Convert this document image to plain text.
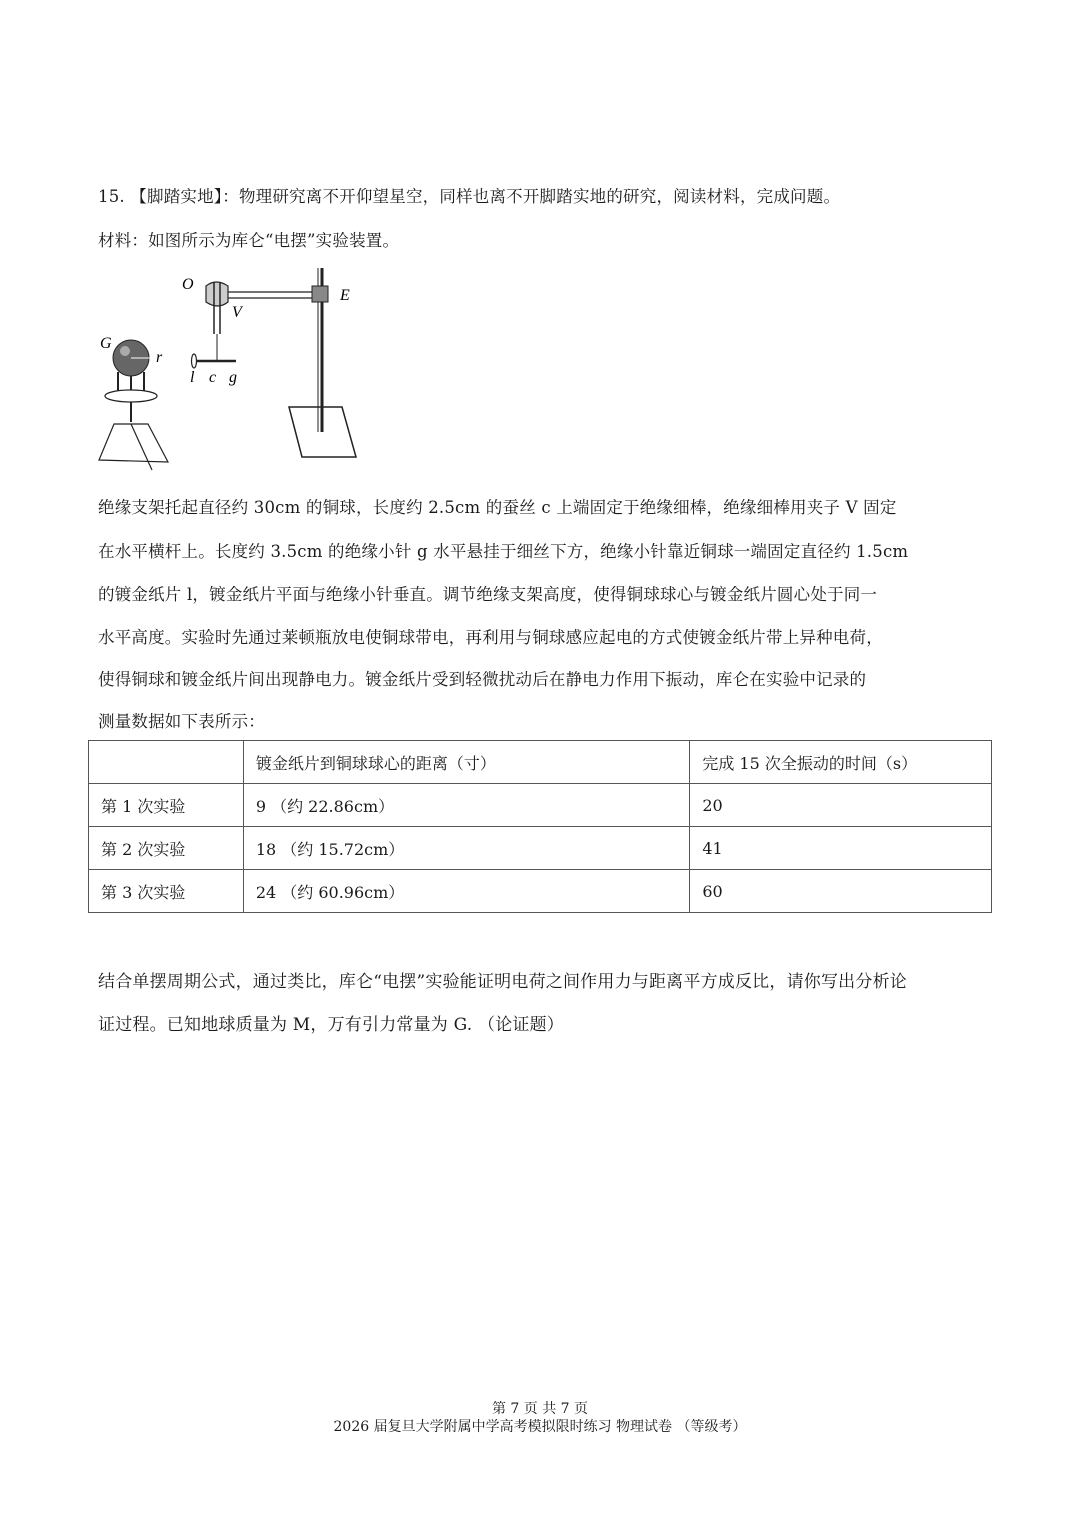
15. 【脚踏实地】：物理研究离不开仰望星空，同样也离不开脚踏实地的研究，阅读材料，完成问题。
材料：如图所示为库仑“电摆”实验装置。
O
V
E
G
r
l c g
绝缘支架托起直径约 30cm 的铜球，长度约 2.5cm 的蚕丝 c 上端固定于绝缘细棒，绝缘细棒用夹子 V 固定
在水平横杆上。长度约 3.5cm 的绝缘小针 g 水平悬挂于细丝下方，绝缘小针靠近铜球一端固定直径约 1.5cm
的镀金纸片 l，镀金纸片平面与绝缘小针垂直。调节绝缘支架高度，使得铜球球心与镀金纸片圆心处于同一
水平高度。实验时先通过莱顿瓶放电使铜球带电，再利用与铜球感应起电的方式使镀金纸片带上异种电荷，
使得铜球和镀金纸片间出现静电力。镀金纸片受到轻微扰动后在静电力作用下振动，库仑在实验中记录的
测量数据如下表所示：
	镀金纸片到铜球球心的距离（寸）	完成 15 次全振动的时间（s）
第 1 次实验	9 （约 22.86cm）	20
第 2 次实验	18 （约 15.72cm）	41
第 3 次实验	24 （约 60.96cm）	60
结合单摆周期公式，通过类比，库仑“电摆”实验能证明电荷之间作用力与距离平方成反比，请你写出分析论
证过程。已知地球质量为 M，万有引力常量为 G. （论证题）
第 7 页 共 7 页
2026 届复旦大学附属中学高考模拟限时练习 物理试卷 （等级考）
